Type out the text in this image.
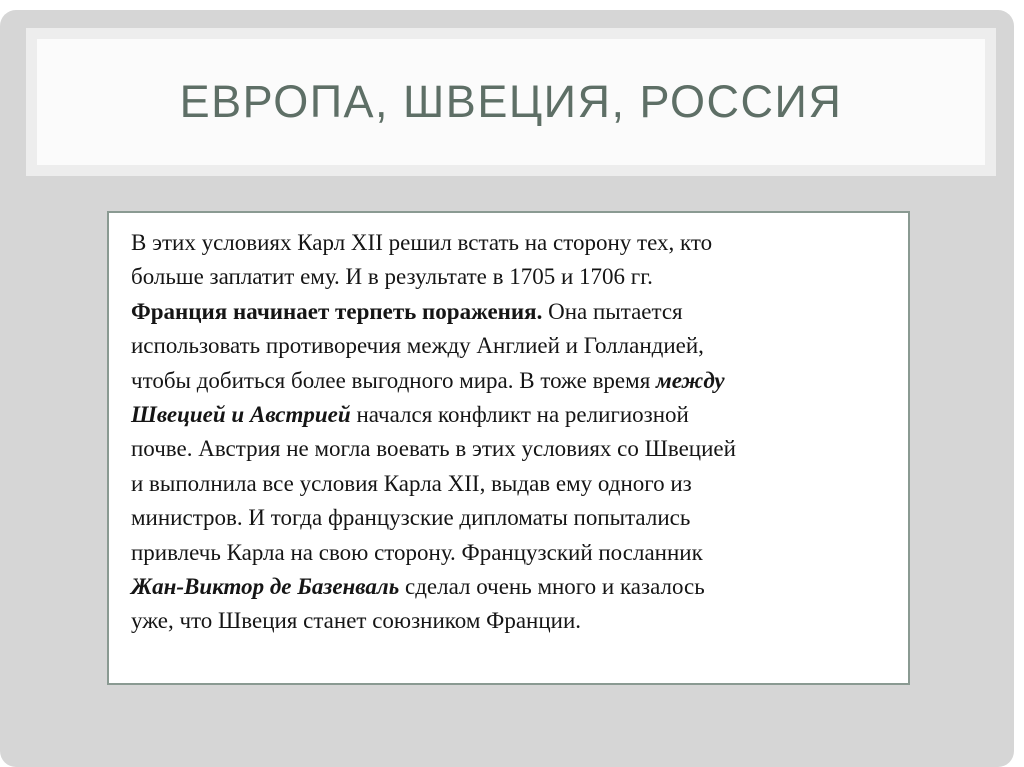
ЕВРОПА, ШВЕЦИЯ, РОССИЯ
В этих условиях Карл XII решил встать на сторону тех, кто
больше заплатит ему. И в результате в 1705 и 1706 гг.
Франция начинает терпеть поражения. Она пытается
использовать противоречия между Англией и Голландией,
чтобы добиться более выгодного мира. В тоже время между
Швецией и Австрией начался конфликт на религиозной
почве. Австрия не могла воевать в этих условиях со Швецией
и выполнила все условия Карла XII, выдав ему одного из
министров. И тогда французские дипломаты попытались
привлечь Карла на свою сторону. Французский посланник
Жан-Виктор де Базенваль сделал очень много и казалось
уже, что Швеция станет союзником Франции.
